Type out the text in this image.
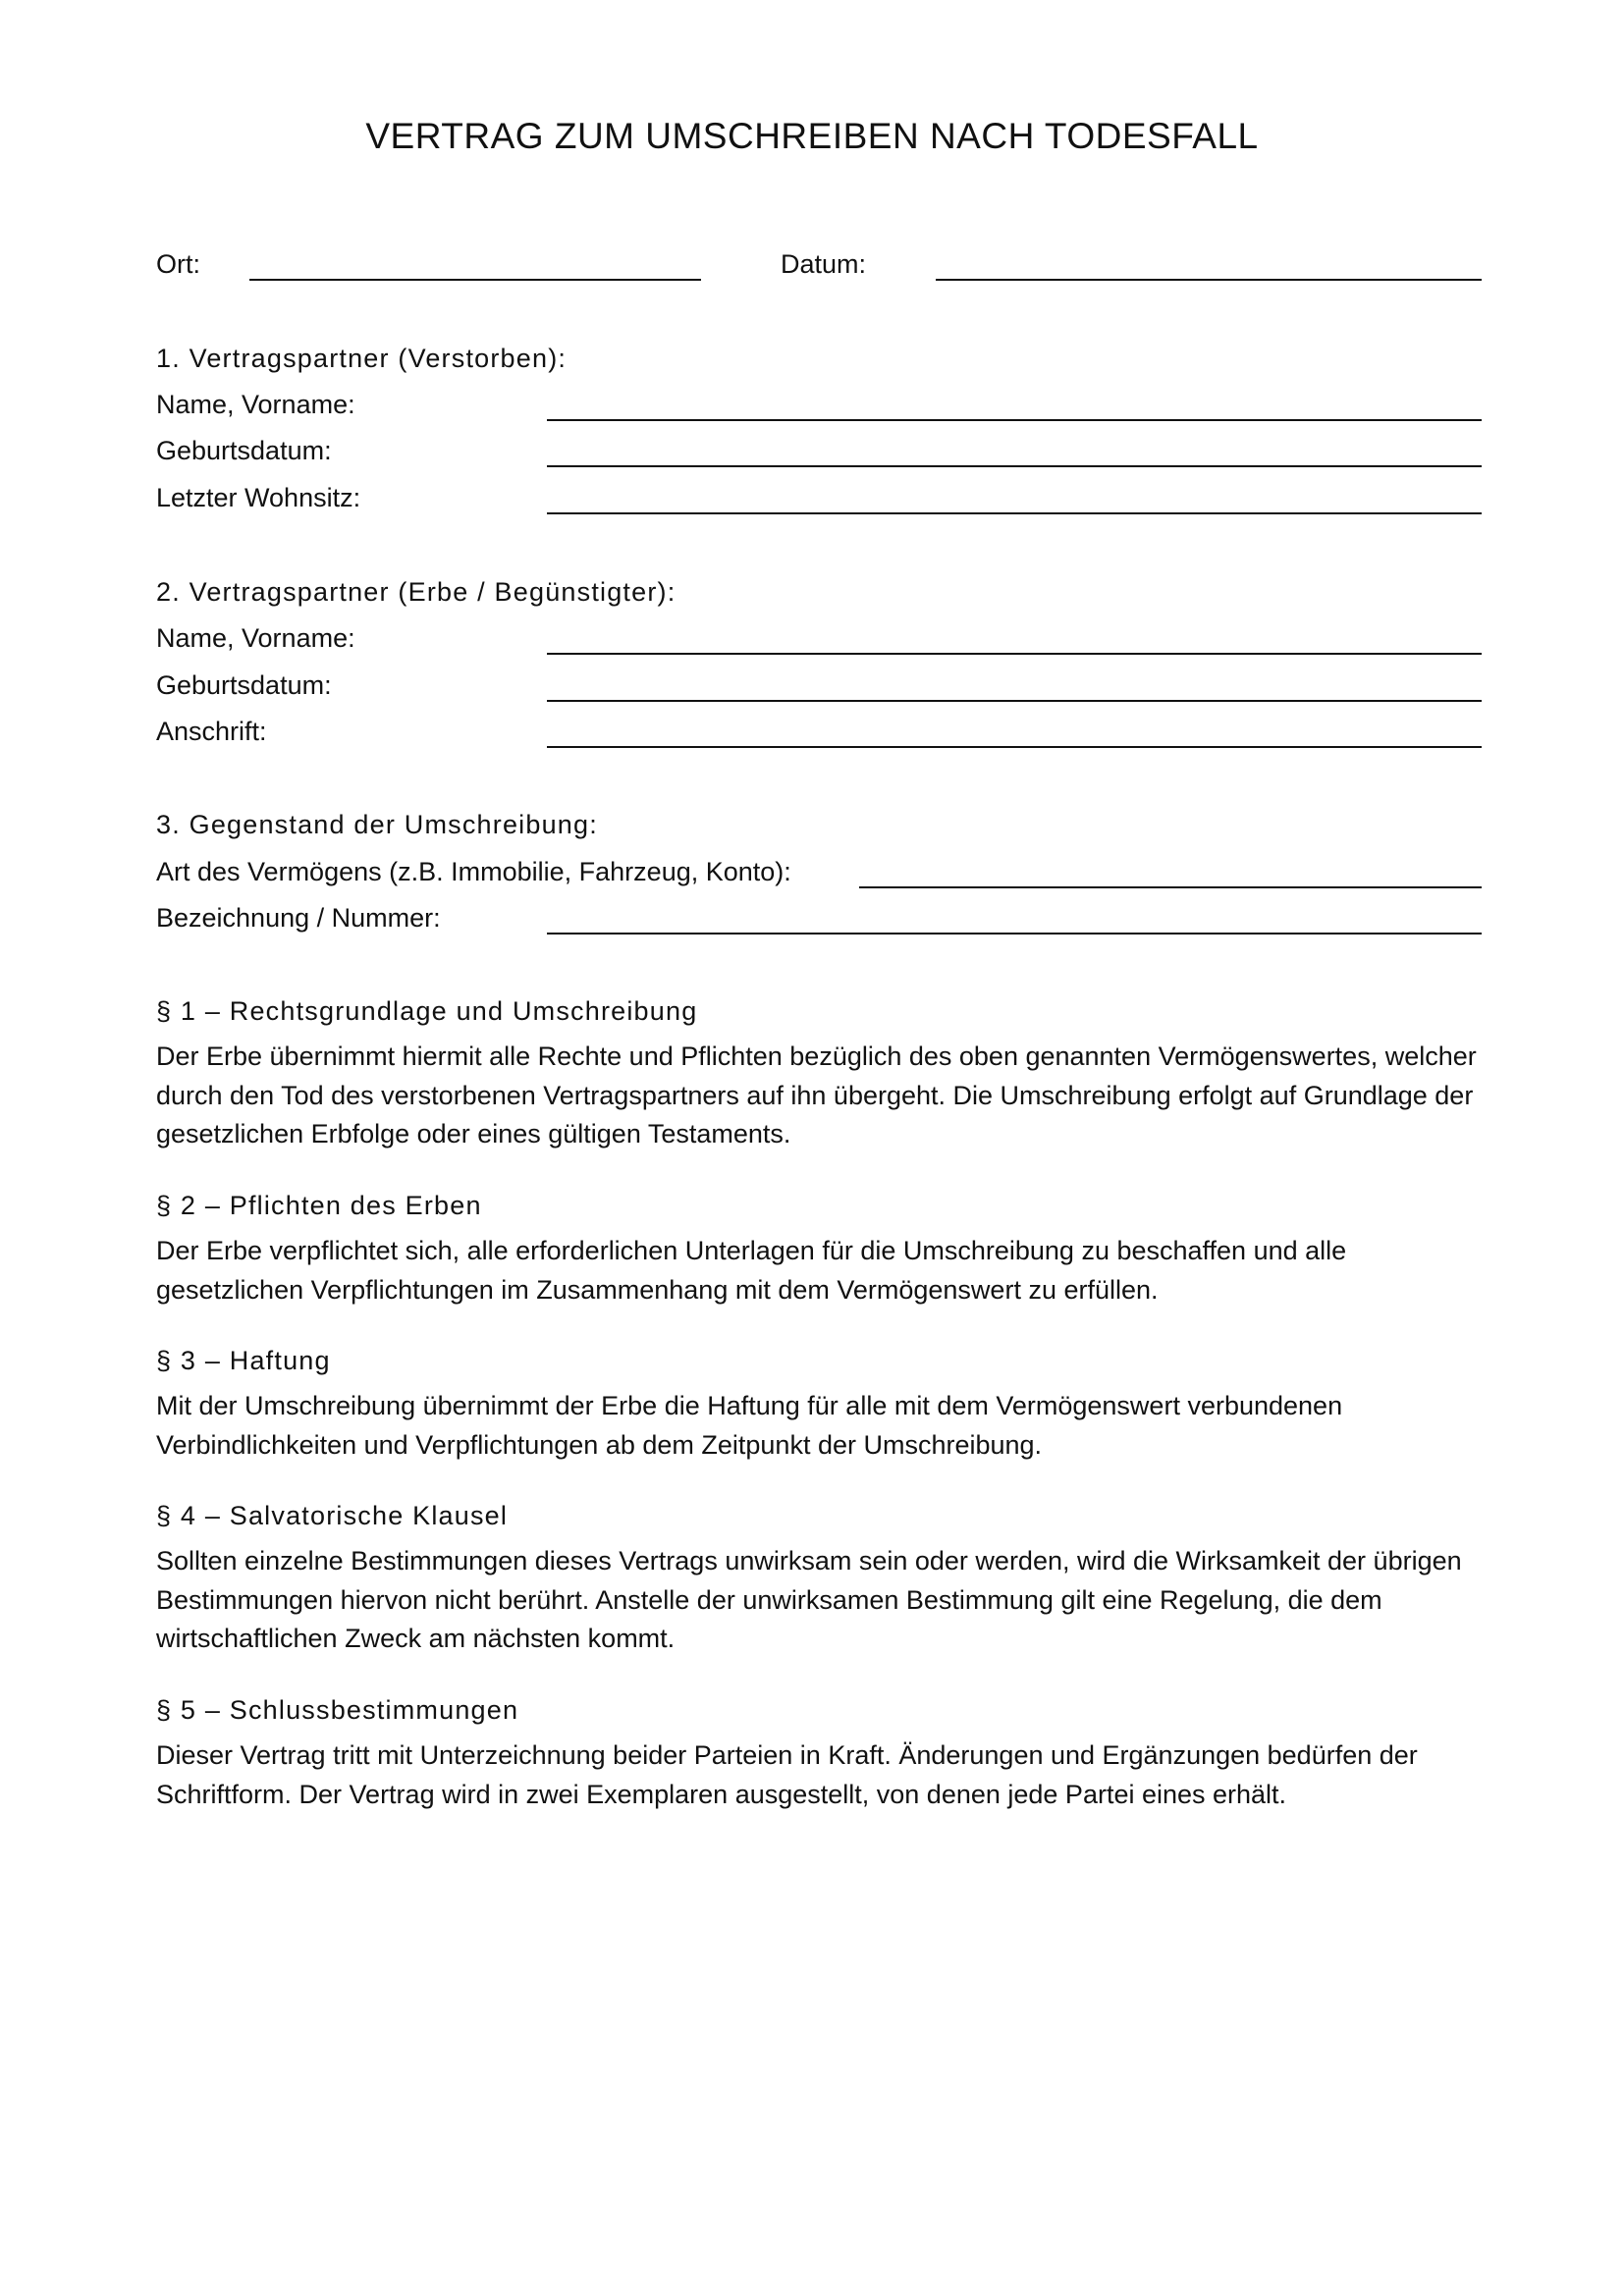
VERTRAG ZUM UMSCHREIBEN NACH TODESFALL
Ort:	Datum:
1. Vertragspartner (Verstorben):
Name, Vorname:
Geburtsdatum:
Letzter Wohnsitz:
2. Vertragspartner (Erbe / Begünstigter):
Name, Vorname:
Geburtsdatum:
Anschrift:
3. Gegenstand der Umschreibung:
Art des Vermögens (z.B. Immobilie, Fahrzeug, Konto):
Bezeichnung / Nummer:
§ 1 – Rechtsgrundlage und Umschreibung
Der Erbe übernimmt hiermit alle Rechte und Pflichten bezüglich des oben genannten Vermögenswertes, welcher durch den Tod des verstorbenen Vertragspartners auf ihn übergeht. Die Umschreibung erfolgt auf Grundlage der gesetzlichen Erbfolge oder eines gültigen Testaments.
§ 2 – Pflichten des Erben
Der Erbe verpflichtet sich, alle erforderlichen Unterlagen für die Umschreibung zu beschaffen und alle gesetzlichen Verpflichtungen im Zusammenhang mit dem Vermögenswert zu erfüllen.
§ 3 – Haftung
Mit der Umschreibung übernimmt der Erbe die Haftung für alle mit dem Vermögenswert verbundenen Verbindlichkeiten und Verpflichtungen ab dem Zeitpunkt der Umschreibung.
§ 4 – Salvatorische Klausel
Sollten einzelne Bestimmungen dieses Vertrags unwirksam sein oder werden, wird die Wirksamkeit der übrigen Bestimmungen hiervon nicht berührt. Anstelle der unwirksamen Bestimmung gilt eine Regelung, die dem wirtschaftlichen Zweck am nächsten kommt.
§ 5 – Schlussbestimmungen
Dieser Vertrag tritt mit Unterzeichnung beider Parteien in Kraft. Änderungen und Ergänzungen bedürfen der Schriftform. Der Vertrag wird in zwei Exemplaren ausgestellt, von denen jede Partei eines erhält.
